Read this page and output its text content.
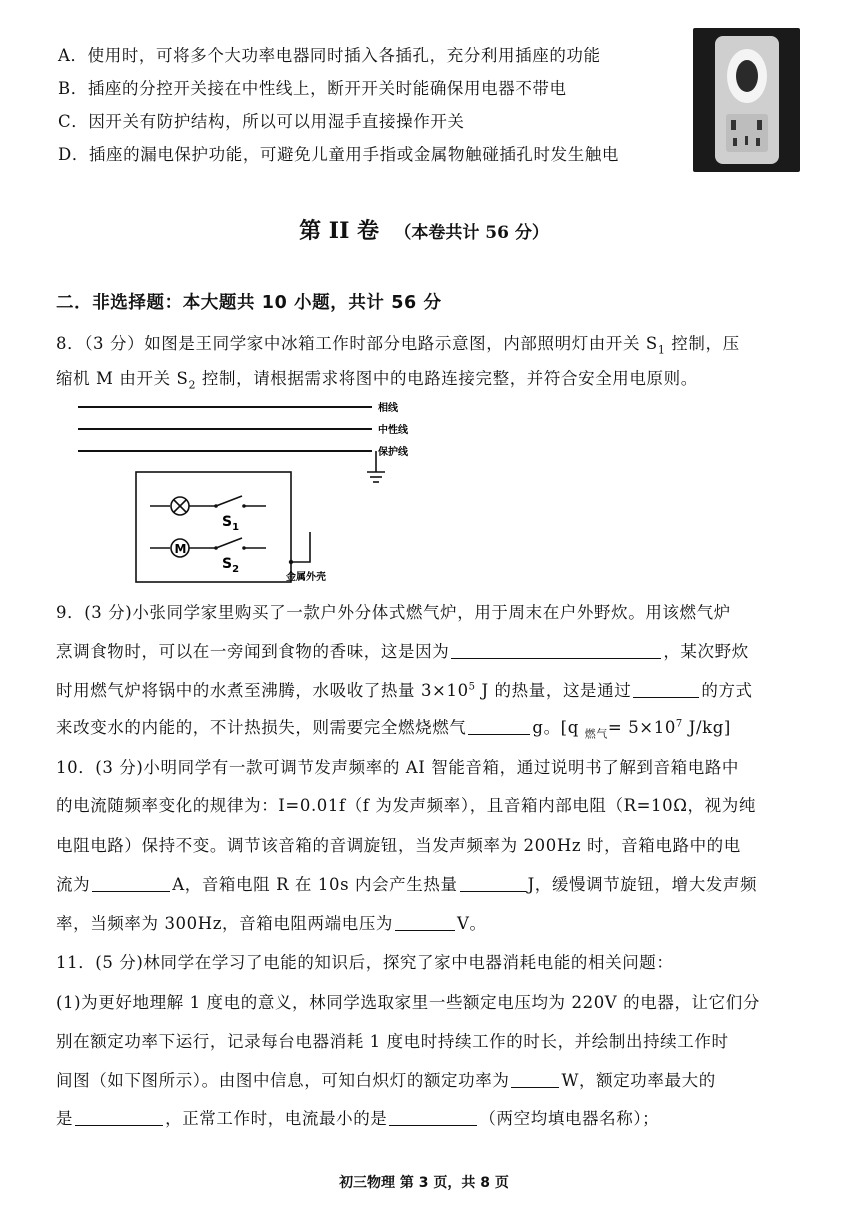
A．使用时，可将多个大功率电器同时插入各插孔，充分利用插座的功能
B．插座的分控开关接在中性线上，断开开关时能确保用电器不带电
C．因开关有防护结构，所以可以用湿手直接操作开关
D．插座的漏电保护功能，可避免儿童用手指或金属物触碰插孔时发生触电
第 II 卷 （本卷共计 56 分）
二．非选择题：本大题共 10 小题，共计 56 分
8．（3 分）如图是王同学家中冰箱工作时部分电路示意图，内部照明灯由开关 $S_1$ 控制，压
缩机 M 由开关 $S_2$ 控制，请根据需求将图中的电路连接完整，并符合安全用电原则。
相线
中性线
保护线
$S_1$
M
$S_2$
金属外壳
9．(3 分)小张同学家里购买了一款户外分体式燃气炉，用于周末在户外野炊。用该燃气炉
烹调食物时，可以在一旁闻到食物的香味，这是因为	，某次野炊
时用燃气炉将锅中的水煮至沸腾，水吸收了热量 $3\times 10^5$ J 的热量，这是通过	的方式
来改变水的内能的，不计热损失，则需要完全燃烧燃气	g。[q $_{燃气}= 5\times 10^7$ J/kg]
10．(3 分)小明同学有一款可调节发声频率的 AI 智能音箱，通过说明书了解到音箱电路中
的电流随频率变化的规律为：I=0.01f（f 为发声频率），且音箱内部电阻（R=10Ω，视为纯
电阻电路）保持不变。调节该音箱的音调旋钮，当发声频率为 200Hz 时，音箱电路中的电
流为	A，音箱电阻 R 在 10s 内会产生热量	J，缓慢调节旋钮，增大发声频
率，当频率为 300Hz，音箱电阻两端电压为	V。
11．(5 分)林同学在学习了电能的知识后，探究了家中电器消耗电能的相关问题：
(1)为更好地理解 1 度电的意义，林同学选取家里一些额定电压均为 220V 的电器，让它们分
别在额定功率下运行，记录每台电器消耗 1 度电时持续工作的时长，并绘制出持续工作时
间图（如下图所示）。由图中信息，可知白炽灯的额定功率为	W，额定功率最大的
是	，正常工作时，电流最小的是	（两空均填电器名称）；
初三物理 第 3 页，共 8 页
